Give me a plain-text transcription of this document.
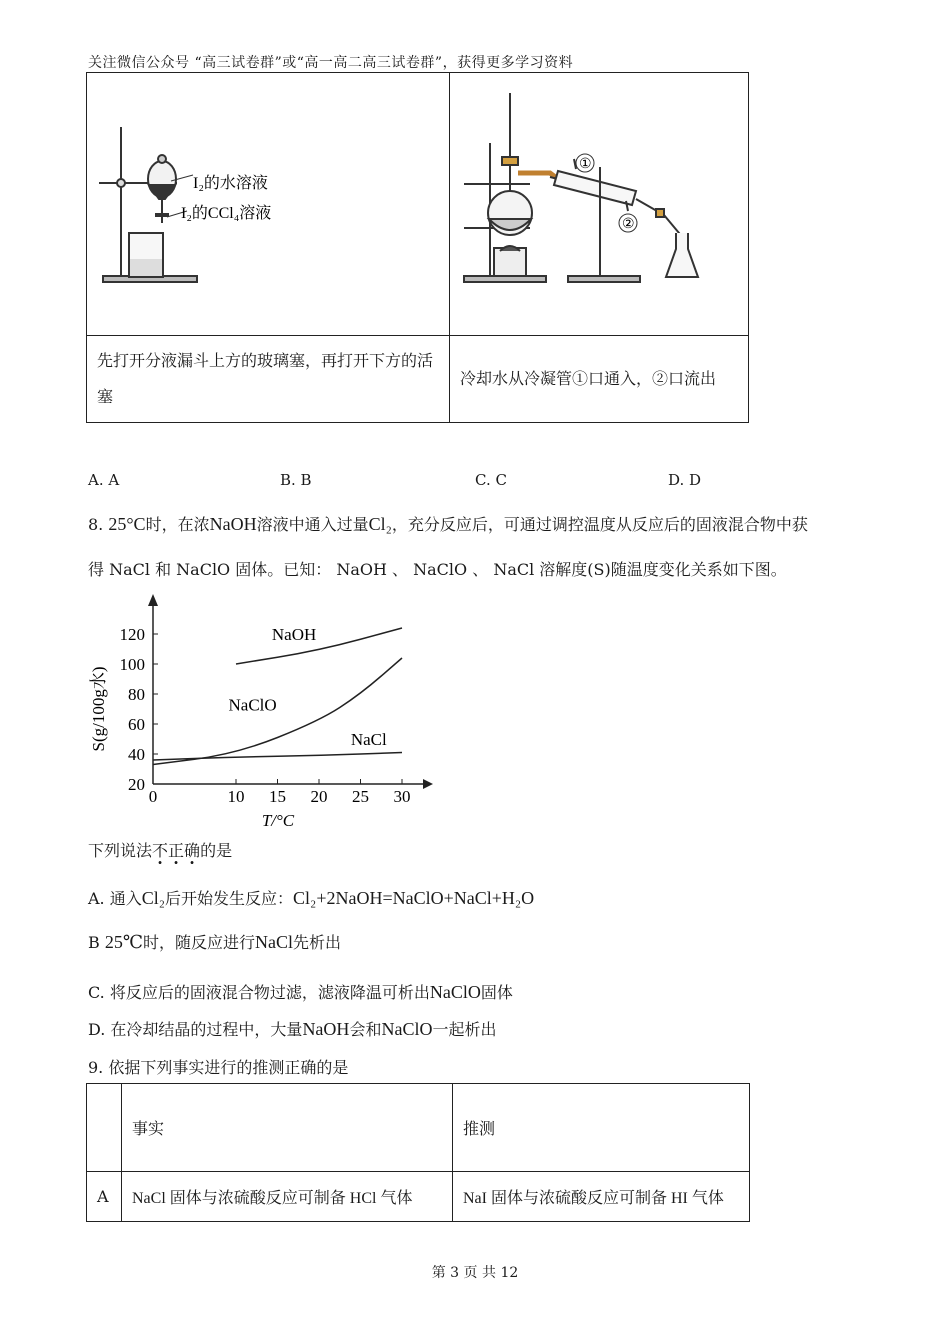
关注微信公众号 “高三试卷群”或“高一高二高三试卷群”，获得更多学习资料
I₂的水溶液
I₂的CCl₄溶液	①
②

先打开分液漏斗上方的玻璃塞，再打开下方的活塞	冷却水从冷凝管①口通入，②口流出
A. A	B. B	C. C	D. D
8. 25°C时，在浓NaOH溶液中通入过量Cl₂，充分反应后，可通过调控温度从反应后的固液混合物中获
得 NaCl 和 NaClO 固体。已知： NaOH 、 NaClO 、 NaCl 溶解度(S)随温度变化关系如下图。
20
40
60
80
100
120
0	10 15 20 25 30
T/°C
S(g/100g水)
NaOH
NaClO
NaCl
下列说法不正确的是
A. 通入Cl₂后开始发生反应：Cl₂+2NaOH=NaClO+NaCl+H₂O
B 25℃时，随反应进行NaCl先析出
C. 将反应后的固液混合物过滤，滤液降温可析出NaClO固体
D. 在冷却结晶的过程中，大量NaOH会和NaClO一起析出
9. 依据下列事实进行的推测正确的是
	事实	推测
A	NaCl 固体与浓硫酸反应可制备 HCl 气体	NaI 固体与浓硫酸反应可制备 HI 气体
第 3 页 共 12
